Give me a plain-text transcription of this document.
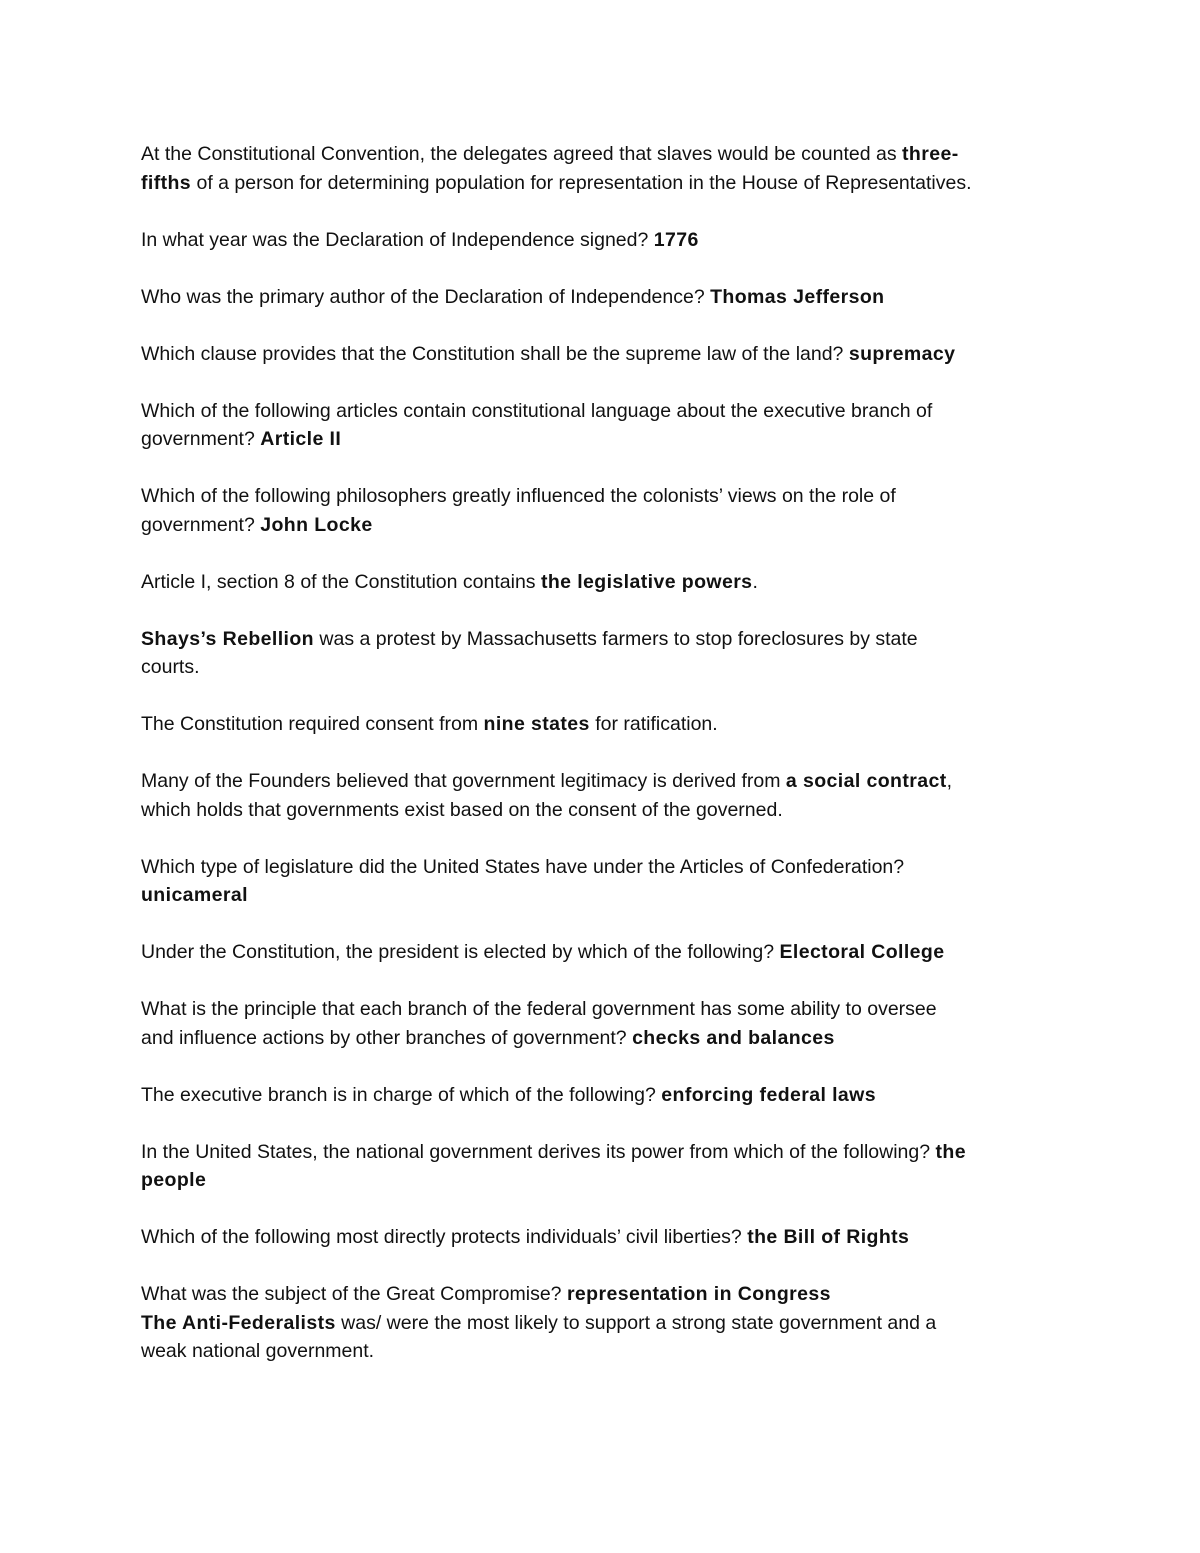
At the Constitutional Convention, the delegates agreed that slaves would be counted as three-
fifths of a person for determining population for representation in the House of Representatives.

In what year was the Declaration of Independence signed? 1776

Who was the primary author of the Declaration of Independence? Thomas Jefferson

Which clause provides that the Constitution shall be the supreme law of the land? supremacy

Which of the following articles contain constitutional language about the executive branch of
government? Article II

Which of the following philosophers greatly influenced the colonists’ views on the role of
government? John Locke

Article I, section 8 of the Constitution contains the legislative powers.

Shays’s Rebellion was a protest by Massachusetts farmers to stop foreclosures by state
courts.

The Constitution required consent from nine states for ratification.

Many of the Founders believed that government legitimacy is derived from a social contract,
which holds that governments exist based on the consent of the governed.

Which type of legislature did the United States have under the Articles of Confederation?
unicameral

Under the Constitution, the president is elected by which of the following? Electoral College

What is the principle that each branch of the federal government has some ability to oversee
and influence actions by other branches of government? checks and balances

The executive branch is in charge of which of the following? enforcing federal laws

In the United States, the national government derives its power from which of the following? the
people

Which of the following most directly protects individuals’ civil liberties? the Bill of Rights

What was the subject of the Great Compromise? representation in Congress

The Anti-Federalists was/ were the most likely to support a strong state government and a
weak national government.
